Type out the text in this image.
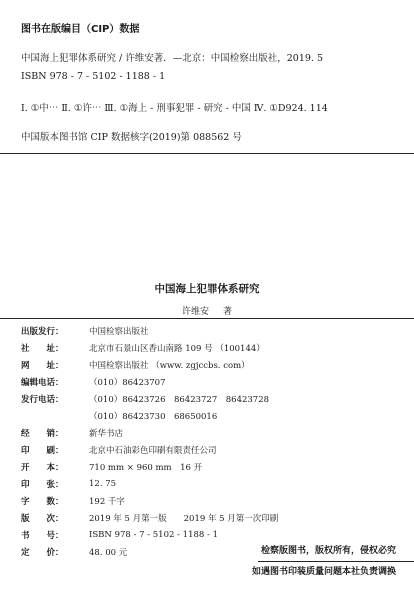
图书在版编目（CIP）数据
中国海上犯罪体系研究 / 许维安著．—北京：中国检察出版社，2019. 5
ISBN 978 - 7 - 5102 - 1188 - 1
Ⅰ. ①中⋯ Ⅱ. ①许⋯ Ⅲ. ①海上 - 刑事犯罪 - 研究 - 中国 Ⅳ. ①D924. 114
中国版本图书馆 CIP 数据核字(2019)第 088562 号
中国海上犯罪体系研究
许维安 著
出版发行：	中国检察出版社
社　　址：	北京市石景山区香山南路 109 号 （100144）
网　　址：	中国检察出版社 （www. zgjccbs. com）
编辑电话：	（010）86423707
发行电话：	（010）86423726　86423727　86423728
（010）86423730　68650016
经　　销：	新华书店
印　　刷：	北京中石油彩色印刷有限责任公司
开　　本：	710 mm × 960 mm　16 开
印　　张：	12. 75
字　　数：	192 千字
版　　次：	2019 年 5 月第一版　　2019 年 5 月第一次印刷
书　　号：	ISBN 978 - 7 - 5102 - 1188 - 1
定　　价：	48. 00 元	检察版图书，版权所有，侵权必究
如遇图书印装质量问题本社负责调换
